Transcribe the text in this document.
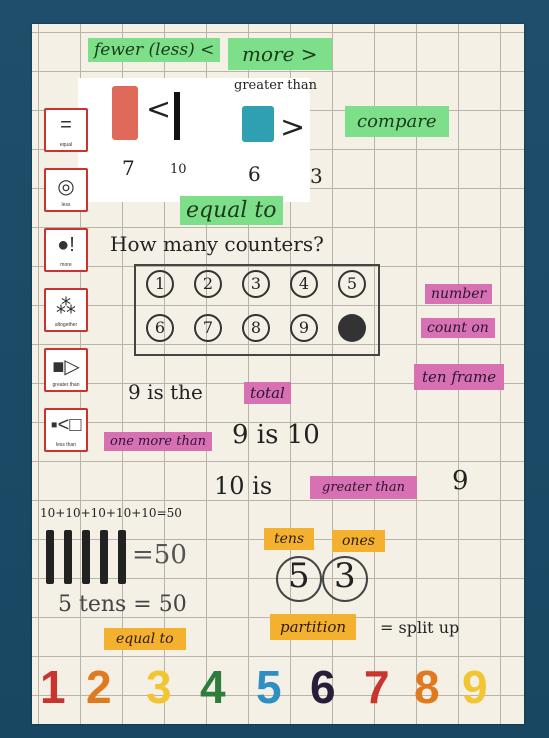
fewer (less) <	more >
<
greater than
>
7	10	6 3
compare
equal to
=
equal
◎
less
●!
more
⁂
altogether
■▷
greater than
▪<□
less than
How many counters?
1	2	3	4	5
6	7	8	9
number
count on
ten frame
9 is the	total
one more than 9 is 10
10 is	greater than	9
10+10+10+10+10=50
=50
5 tens = 50
equal to
tens	ones
5 3
partition	= split up
1 2 3 4 5 6 7 8 9
